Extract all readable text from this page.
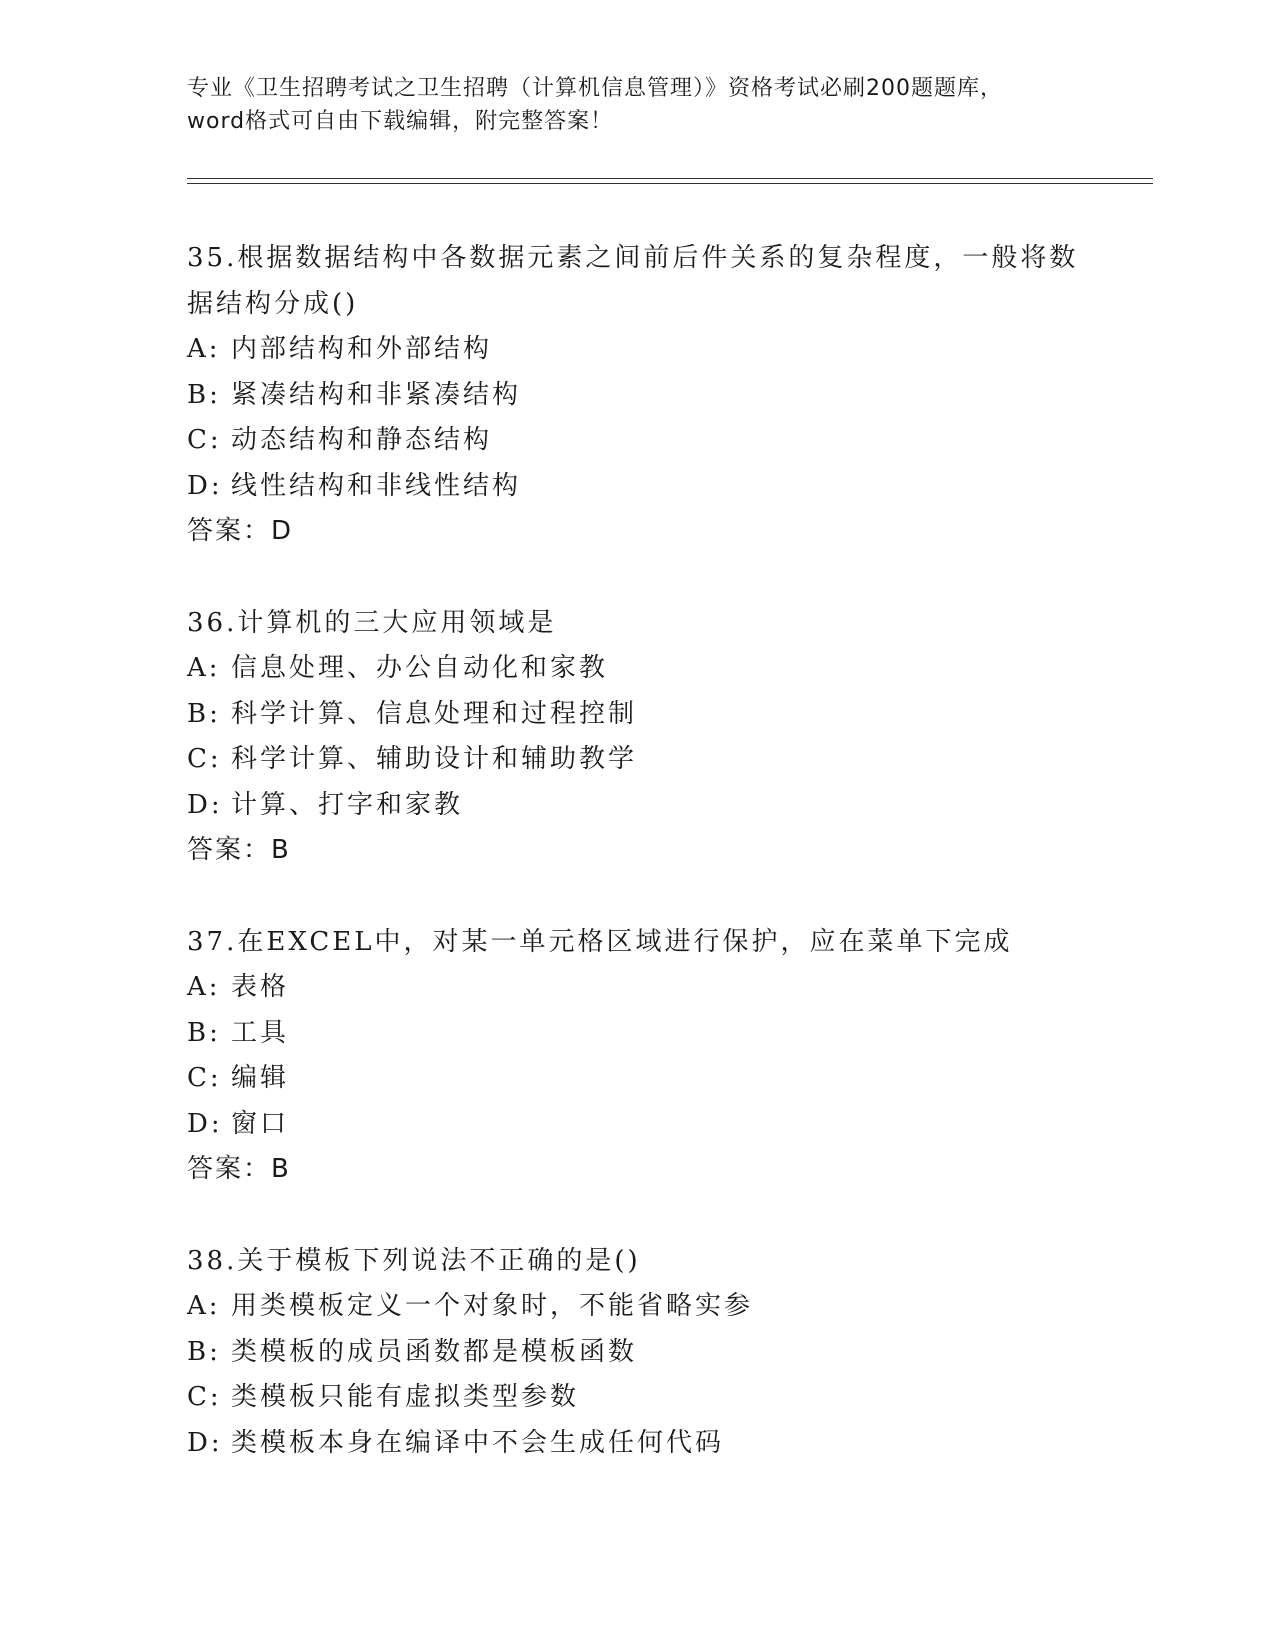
专业《卫生招聘考试之卫生招聘（计算机信息管理）》资格考试必刷200题题库，
word格式可自由下载编辑，附完整答案！
35.根据数据结构中各数据元素之间前后件关系的复杂程度，一般将数据结构分成()
A: 内部结构和外部结构
B: 紧凑结构和非紧凑结构
C: 动态结构和静态结构
D: 线性结构和非线性结构
答案：D
36.计算机的三大应用领域是
A: 信息处理、办公自动化和家教
B: 科学计算、信息处理和过程控制
C: 科学计算、辅助设计和辅助教学
D: 计算、打字和家教
答案：B
37.在EXCEL中，对某一单元格区域进行保护，应在菜单下完成
A: 表格
B: 工具
C: 编辑
D: 窗口
答案：B
38.关于模板下列说法不正确的是()
A: 用类模板定义一个对象时，不能省略实参
B: 类模板的成员函数都是模板函数
C: 类模板只能有虚拟类型参数
D: 类模板本身在编译中不会生成任何代码
